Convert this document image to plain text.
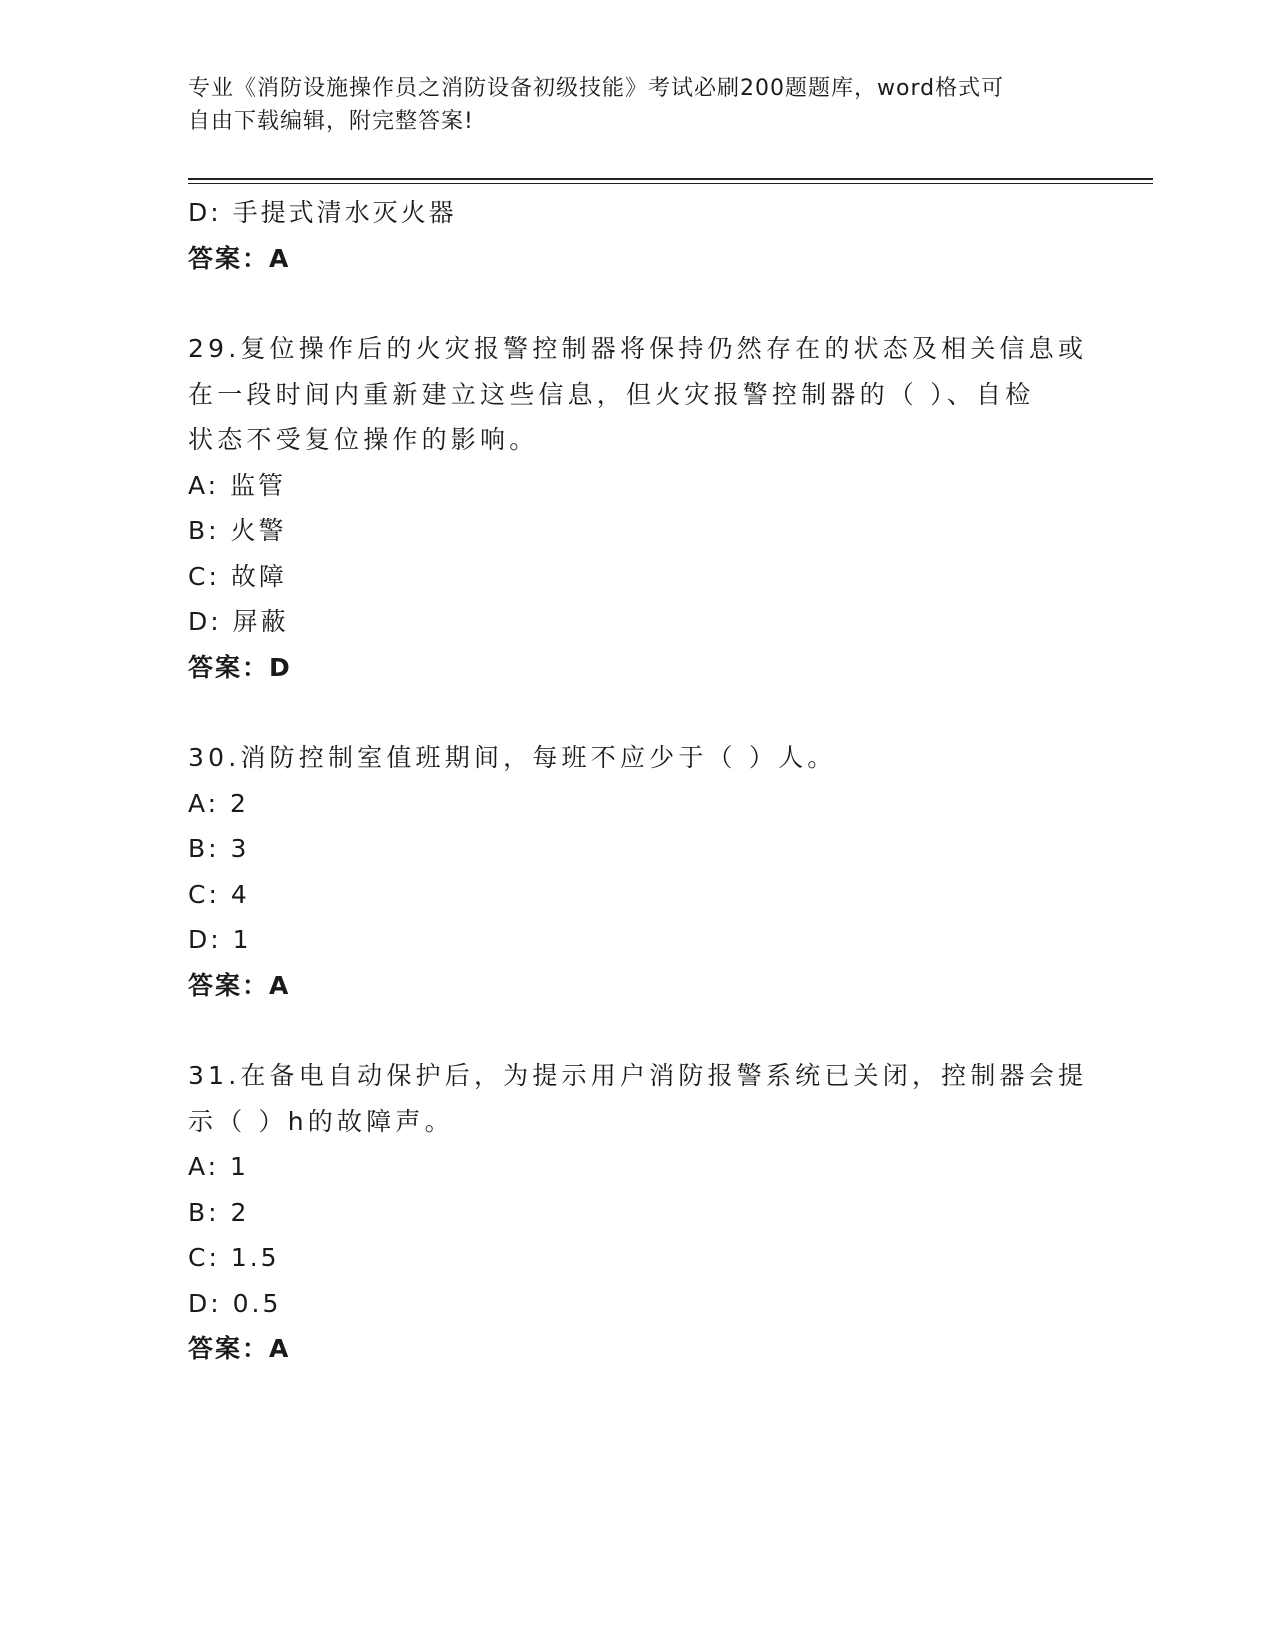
专业《消防设施操作员之消防设备初级技能》考试必刷200题题库，word格式可
自由下载编辑，附完整答案!
D: 手提式清水灭火器
答案：A
29.复位操作后的火灾报警控制器将保持仍然存在的状态及相关信息或
在一段时间内重新建立这些信息，但火灾报警控制器的（ ）、自检
状态不受复位操作的影响。
A: 监管
B: 火警
C: 故障
D: 屏蔽
答案：D
30.消防控制室值班期间，每班不应少于（ ）人。
A: 2
B: 3
C: 4
D: 1
答案：A
31.在备电自动保护后，为提示用户消防报警系统已关闭，控制器会提
示（ ）h的故障声。
A: 1
B: 2
C: 1.5
D: 0.5
答案：A
